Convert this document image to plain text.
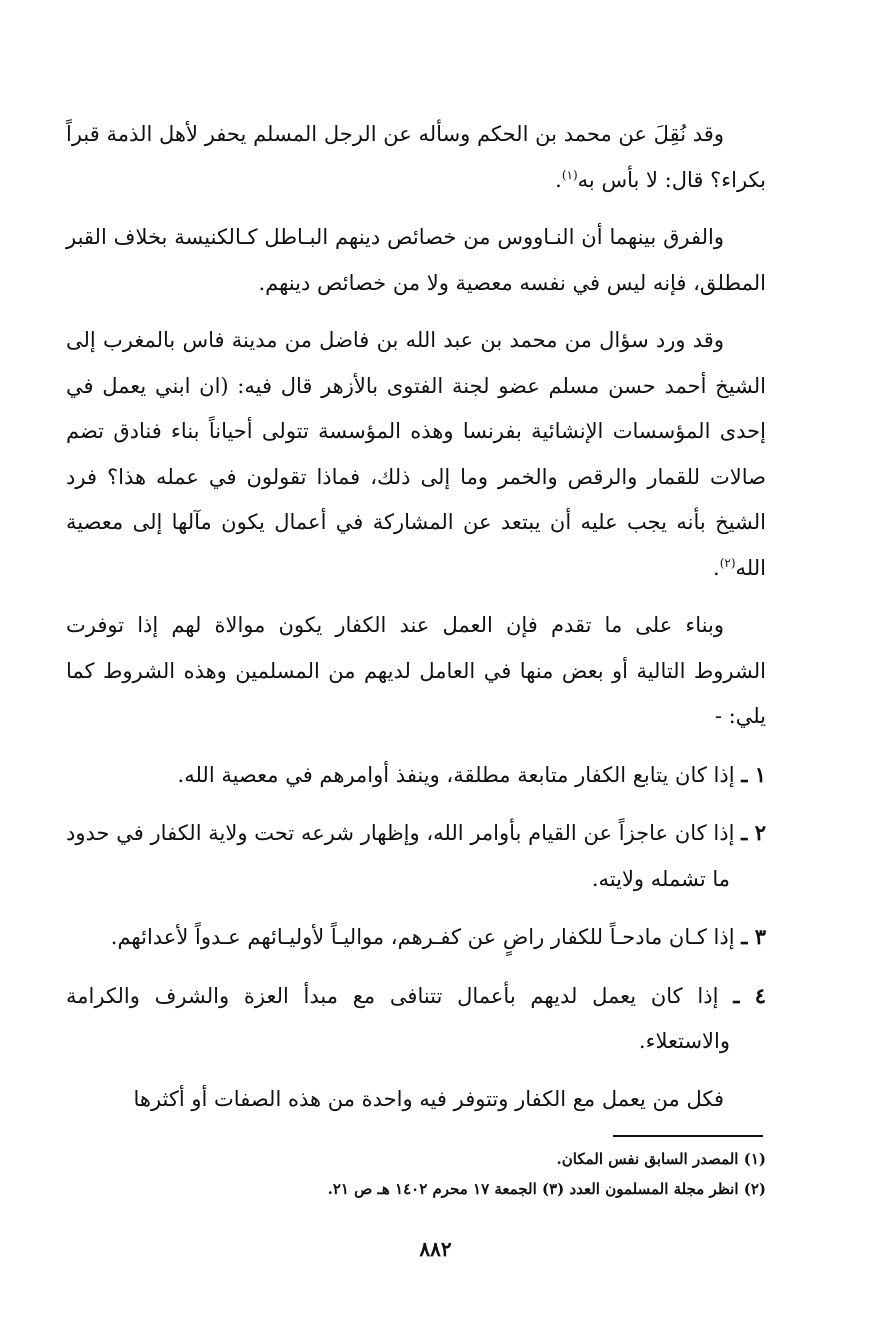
وقد نُقِلَ عن محمد بن الحكم وسأله عن الرجل المسلم يحفر لأهل الذمة قبراً بكراء؟ قال: لا بأس به$^{(١)}$.

والفرق بينهما أن النـاووس من خصائص دينهم البـاطل كـالكنيسة بخلاف القبر المطلق، فإنه ليس في نفسه معصية ولا من خصائص دينهم.

وقد ورد سؤال من محمد بن عبد الله بن فاضل من مدينة فاس بالمغرب إلى الشيخ أحمد حسن مسلم عضو لجنة الفتوى بالأزهر قال فيه: (ان ابني يعمل في إحدى المؤسسات الإنشائية بفرنسا وهذه المؤسسة تتولى أحياناً بناء فنادق تضم صالات للقمار والرقص والخمر وما إلى ذلك، فماذا تقولون في عمله هذا؟ فرد الشيخ بأنه يجب عليه أن يبتعد عن المشاركة في أعمال يكون مآلها إلى معصية الله$^{(٢)}$.

وبناء على ما تقدم فإن العمل عند الكفار يكون موالاة لهم إذا توفرت الشروط التالية أو بعض منها في العامل لديهم من المسلمين وهذه الشروط كما يلي: -

١ ـ إذا كان يتابع الكفار متابعة مطلقة، وينفذ أوامرهم في معصية الله.

٢ ـ إذا كان عاجزاً عن القيام بأوامر الله، وإظهار شرعه تحت ولاية الكفار في حدود ما تشمله ولايته.

٣ ـ إذا كـان مادحـاً للكفار راضٍ عن كفـرهم، مواليـاً لأوليـائهم عـدواً لأعدائهم.

٤ ـ إذا كان يعمل لديهم بأعمال تتنافى مع مبدأ العزة والشرف والكرامة والاستعلاء.

فكل من يعمل مع الكفار وتتوفر فيه واحدة من هذه الصفات أو أكثرها

(١) المصدر السابق نفس المكان.

(٢) انظر مجلة المسلمون العدد (٣) الجمعة ١٧ محرم ١٤٠٢ هـ ص ٢١.

٨٨٢
